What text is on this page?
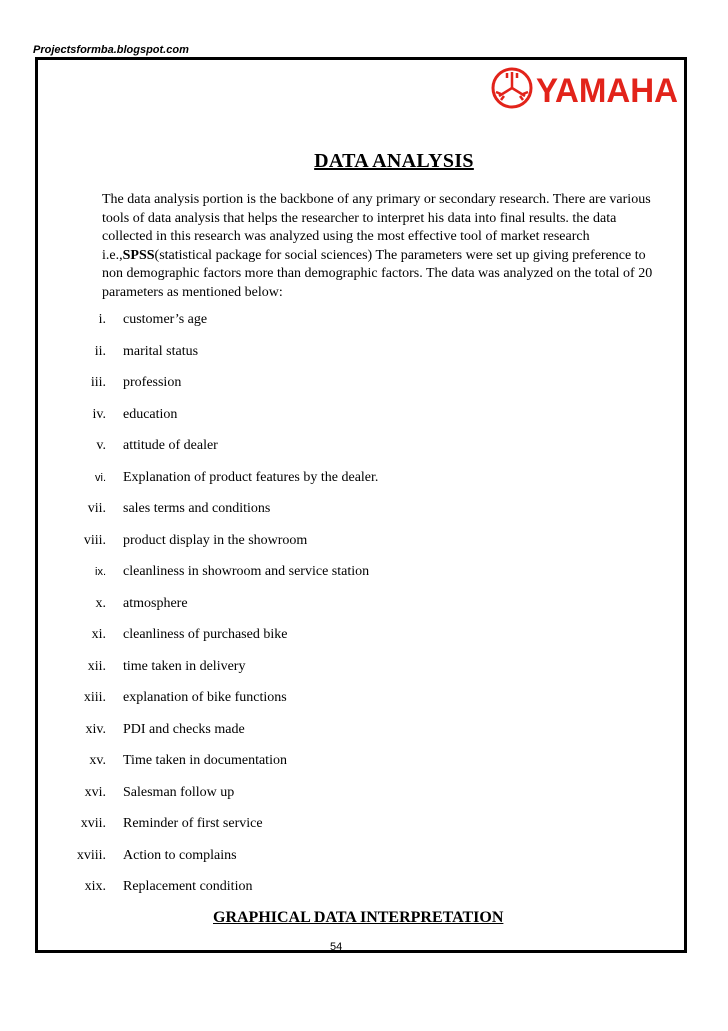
Projectsformba.blogspot.com
YAMAHA
DATA ANALYSIS
The data analysis portion is the backbone of any primary or secondary research. There are various tools of data analysis that helps the researcher to interpret his data into final results. the data collected in this research was analyzed using the most effective tool of market research i.e.,SPSS(statistical package for social sciences) The parameters were set up giving preference to non demographic factors more than demographic factors. The data was analyzed on the total of 20 parameters as mentioned below:
i. customer’s age
ii. marital status
iii. profession
iv. education
v. attitude of dealer
vi. Explanation of product features by the dealer.
vii. sales terms and conditions
viii. product display in the showroom
ix. cleanliness in showroom and service station
x. atmosphere
xi. cleanliness of purchased bike
xii. time taken in delivery
xiii. explanation of bike functions
xiv. PDI and checks made
xv. Time taken in documentation
xvi. Salesman follow up
xvii. Reminder of first service
xviii. Action to complains
xix. Replacement condition
GRAPHICAL DATA INTERPRETATION
54
